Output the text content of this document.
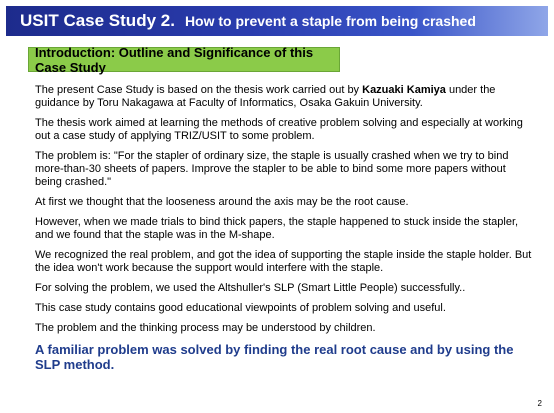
USIT Case Study 2. How to prevent a staple from being crashed
Introduction: Outline and Significance of this Case Study

The present Case Study is based on the thesis work carried out by Kazuaki Kamiya under the guidance by Toru Nakagawa at Faculty of Informatics, Osaka Gakuin University.

The thesis work aimed at learning the methods of creative problem solving and especially at working out a case study of applying TRIZ/USIT to some problem.

The problem is: "For the stapler of ordinary size, the staple is usually crashed when we try to bind more-than-30 sheets of papers. Improve the stapler to be able to bind some more papers without being crashed."

At first we thought that the looseness around the axis may be the root cause.

However, when we made trials to bind thick papers, the staple happened to stuck inside the stapler, and we found that the staple was in the M-shape.

We recognized the real problem, and got the idea of supporting the staple inside the staple holder. But the idea won't work because the support would interfere with the staple.

For solving the problem, we used the Altshuller's SLP (Smart Little People) successfully..

This case study contains good educational viewpoints of problem solving and useful.

The problem and the thinking process may be understood by children.

A familiar problem was solved by finding the real root cause and by using the SLP method.

2
